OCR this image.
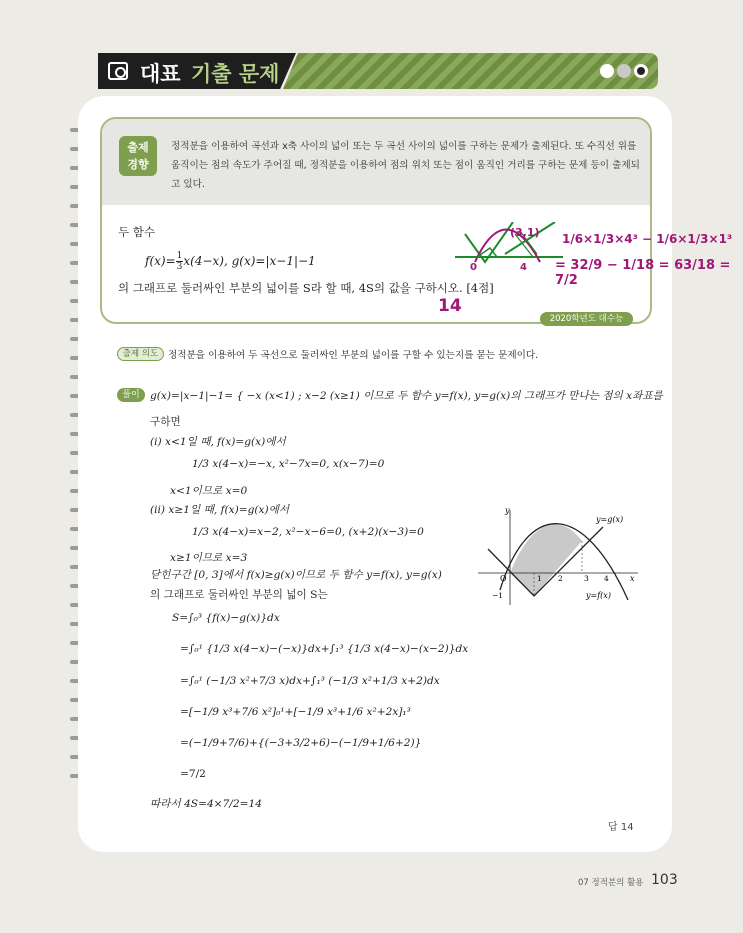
대표 기출 문제
출제
경향
정적분을 이용하여 곡선과 x축 사이의 넓이 또는 두 곡선 사이의 넓이를 구하는 문제가 출제된다. 또 수직선 위를 움직이는 점의 속도가 주어질 때, 정적분을 이용하여 점의 위치 또는 점이 움직인 거리를 구하는 문제 등이 출제되고 있다.
두 함수
$f(x)= \frac{1}{3}x(4-x)$, g(x)=|x−1|−1
의 그래프로 둘러싸인 부분의 넓이를 S라 할 때, 4S의 값을 구하시오. [4점]
2020학년도 대수능
(3,1)
0	4
14
1/6×1/3×4³ − 1/6×1/3×1³
= 32/9 − 1/18 = 63/18 = 7/2
출제 의도	정적분을 이용하여 두 곡선으로 둘러싸인 부분의 넓이를 구할 수 있는지를 묻는 문제이다.
풀이 g(x)=|x−1|−1= { −x (x<1) ; x−2 (x≥1) 이므로 두 함수 y=f(x), y=g(x)의 그래프가 만나는 점의 x좌표를
구하면
(ⅰ) x<1일 때, f(x)=g(x)에서
1/3 x(4−x)=−x, x²−7x=0, x(x−7)=0
x<1이므로 x=0
(ⅱ) x≥1일 때, f(x)=g(x)에서
1/3 x(4−x)=x−2, x²−x−6=0, (x+2)(x−3)=0
x≥1이므로 x=3
닫힌구간 [0, 3]에서 f(x)≥g(x)이므로 두 함수 y=f(x), y=g(x)
의 그래프로 둘러싸인 부분의 넓이 S는
S=∫₀³ {f(x)−g(x)}dx
=∫₀¹ {1/3 x(4−x)−(−x)}dx+∫₁³ {1/3 x(4−x)−(x−2)}dx
=∫₀¹ (−1/3 x²+7/3 x)dx+∫₁³ (−1/3 x²+1/3 x+2)dx
=[−1/9 x³+7/6 x²]₀¹+[−1/9 x³+1/6 x²+2x]₁³
=(−1/9+7/6)+{(−3+3/2+6)−(−1/9+1/6+2)}
=7/2
따라서 4S=4×7/2=14
y
x
O	1 2	3 4
−1
y=g(x)
y=f(x)
답 14
07 정적분의 활용 103
